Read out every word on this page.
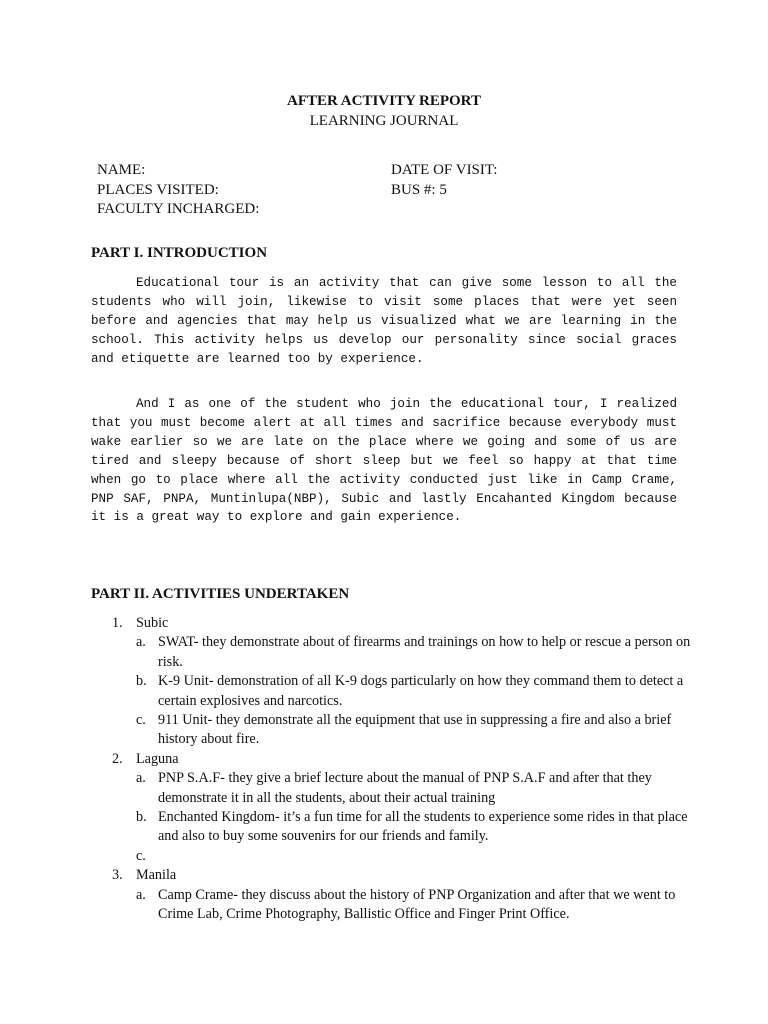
AFTER ACTIVITY REPORT
LEARNING JOURNAL
NAME:
PLACES VISITED:
FACULTY INCHARGED:
DATE OF VISIT:
BUS #: 5
PART I. INTRODUCTION

Educational tour is an activity that can give some lesson to all the students who will join, likewise to visit some places that were yet seen before and agencies that may help us visualized what we are learning in the school. This activity helps us develop our personality since social graces and etiquette are learned too by experience.

And I as one of the student who join the educational tour, I realized that you must become alert at all times and sacrifice because everybody must wake earlier so we are late on the place where we going and some of us are tired and sleepy because of short sleep but we feel so happy at that time when go to place where all the activity conducted just like in Camp Crame, PNP SAF, PNPA, Muntinlupa(NBP), Subic and lastly Encahanted Kingdom because it is a great way to explore and gain experience.

PART II. ACTIVITIES UNDERTAKEN
1. Subic
a. SWAT- they demonstrate about of firearms and trainings on how to help or rescue a person on risk.
b. K-9 Unit- demonstration of all K-9 dogs particularly on how they command them to detect a certain explosives and narcotics.
c. 911 Unit- they demonstrate all the equipment that use in suppressing a fire and also a brief history about fire.
2. Laguna
a. PNP S.A.F- they give a brief lecture about the manual of PNP S.A.F and after that they demonstrate it in all the students, about their actual training
b. Enchanted Kingdom- it’s a fun time for all the students to experience some rides in that place and also to buy some souvenirs for our friends and family.
c.

3. Manila
a. Camp Crame- they discuss about the history of PNP Organization and after that we went to Crime Lab, Crime Photography, Ballistic Office and Finger Print Office.
